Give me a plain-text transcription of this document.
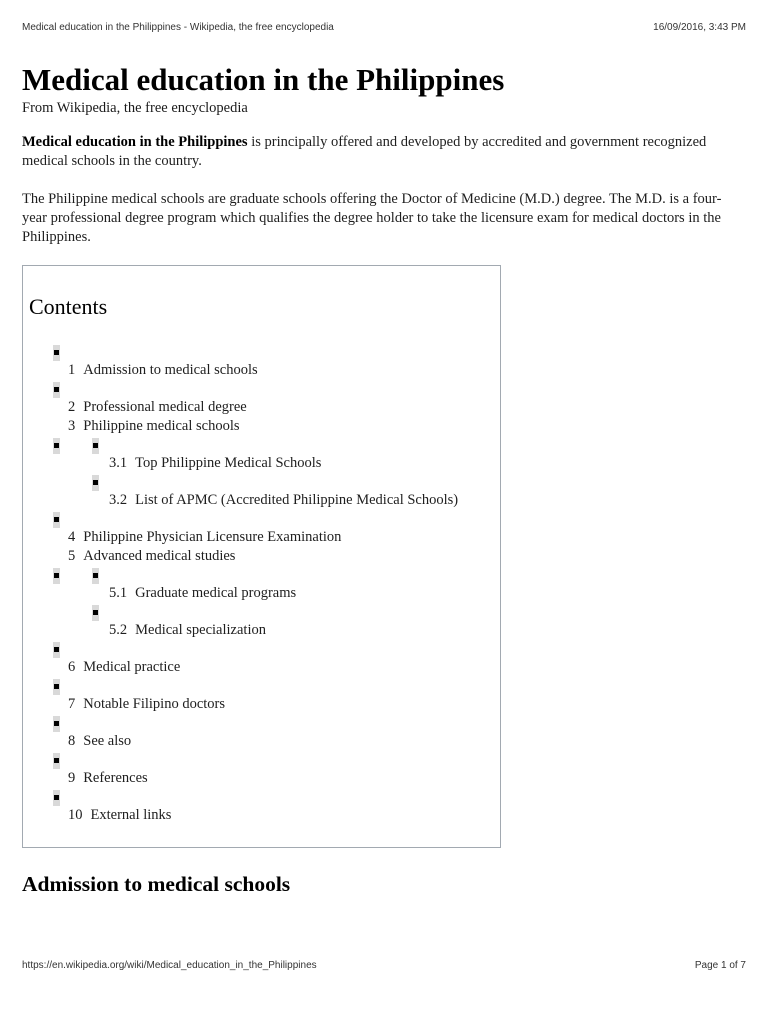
Medical education in the Philippines - Wikipedia, the free encyclopedia	16/09/2016, 3:43 PM
Medical education in the Philippines
From Wikipedia, the free encyclopedia

Medical education in the Philippines is principally offered and developed by accredited and government recognized medical schools in the country.

The Philippine medical schools are graduate schools offering the Doctor of Medicine (M.D.) degree. The M.D. is a four-year professional degree program which qualifies the degree holder to take the licensure exam for medical doctors in the Philippines.

Contents
1 Admission to medical schools
2 Professional medical degree
3 Philippine medical schools
3.1 Top Philippine Medical Schools
3.2 List of APMC (Accredited Philippine Medical Schools)
4 Philippine Physician Licensure Examination
5 Advanced medical studies
5.1 Graduate medical programs
5.2 Medical specialization
6 Medical practice
7 Notable Filipino doctors
8 See also
9 References
10 External links
Admission to medical schools
https://en.wikipedia.org/wiki/Medical_education_in_the_Philippines	Page 1 of 7
